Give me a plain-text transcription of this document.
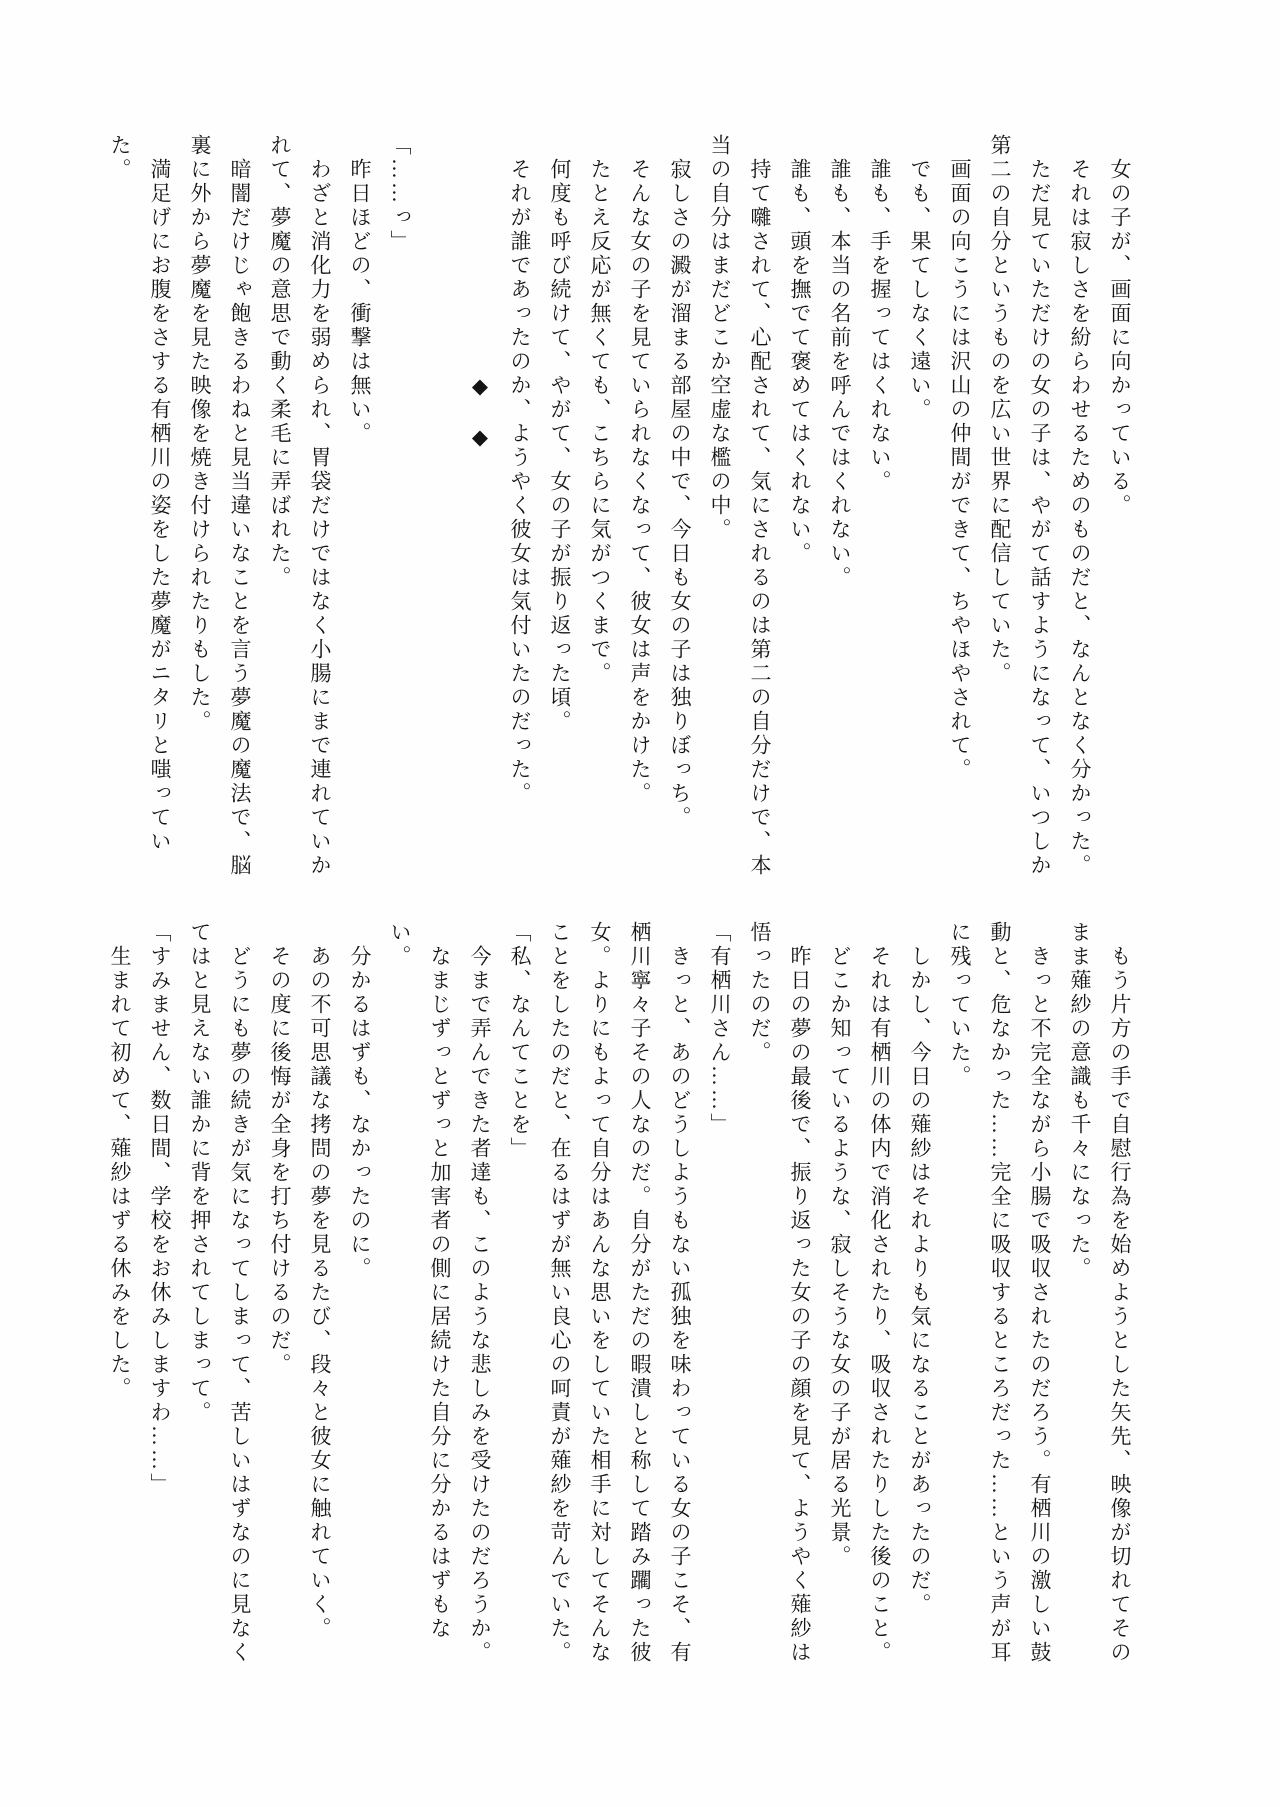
　女の子が、画面に向かっている。

　それは寂しさを紛らわせるためのものだと、なんとなく分かった。

　ただ見ていただけの女の子は、やがて話すようになって、いつしか第二の自分というものを広い世界に配信していた。

　画面の向こうには沢山の仲間ができて、ちやほやされて。

　でも、果てしなく遠い。

　誰も、手を握ってはくれない。

　誰も、本当の名前を呼んではくれない。

　誰も、頭を撫でて褒めてはくれない。

　持て囃されて、心配されて、気にされるのは第二の自分だけで、本当の自分はまだどこか空虚な檻の中。

　寂しさの澱が溜まる部屋の中で、今日も女の子は独りぼっち。

　そんな女の子を見ていられなくなって、彼女は声をかけた。

　たとえ反応が無くても、こちらに気がつくまで。

　何度も呼び続けて、やがて、女の子が振り返った頃。

　それが誰であったのか、ようやく彼女は気付いたのだった。

　　　　　　　　　　◆　◆

「……っ」

　昨日ほどの、衝撃は無い。

　わざと消化力を弱められ、胃袋だけではなく小腸にまで連れていかれて、夢魔の意思で動く柔毛に弄ばれた。

　暗闇だけじゃ飽きるわねと見当違いなことを言う夢魔の魔法で、脳裏に外から夢魔を見た映像を焼き付けられたりもした。

　満足げにお腹をさする有栖川の姿をした夢魔がニタリと嗤っていた。

　もう片方の手で自慰行為を始めようとした矢先、映像が切れてそのまま薙紗の意識も千々になった。

　きっと不完全ながら小腸で吸収されたのだろう。有栖川の激しい鼓動と、危なかった……完全に吸収するところだった……という声が耳に残っていた。

　しかし、今日の薙紗はそれよりも気になることがあったのだ。

　それは有栖川の体内で消化されたり、吸収されたりした後のこと。

　どこか知っているような、寂しそうな女の子が居る光景。

　昨日の夢の最後で、振り返った女の子の顔を見て、ようやく薙紗は悟ったのだ。

「有栖川さん……」

　きっと、あのどうしようもない孤独を味わっている女の子こそ、有栖川寧々子その人なのだ。自分がただの暇潰しと称して踏み躙った彼女。よりにもよって自分はあんな思いをしていた相手に対してそんなことをしたのだと、在るはずが無い良心の呵責が薙紗を苛んでいた。

「私、なんてことを」

　今まで弄んできた者達も、このような悲しみを受けたのだろうか。

　なまじずっとずっと加害者の側に居続けた自分に分かるはずもない。

　分かるはずも、なかったのに。

　あの不可思議な拷問の夢を見るたび、段々と彼女に触れていく。

　その度に後悔が全身を打ち付けるのだ。

　どうにも夢の続きが気になってしまって、苦しいはずなのに見なくてはと見えない誰かに背を押されてしまって。

「すみません、数日間、学校をお休みしますわ……」

　生まれて初めて、薙紗はずる休みをした。
